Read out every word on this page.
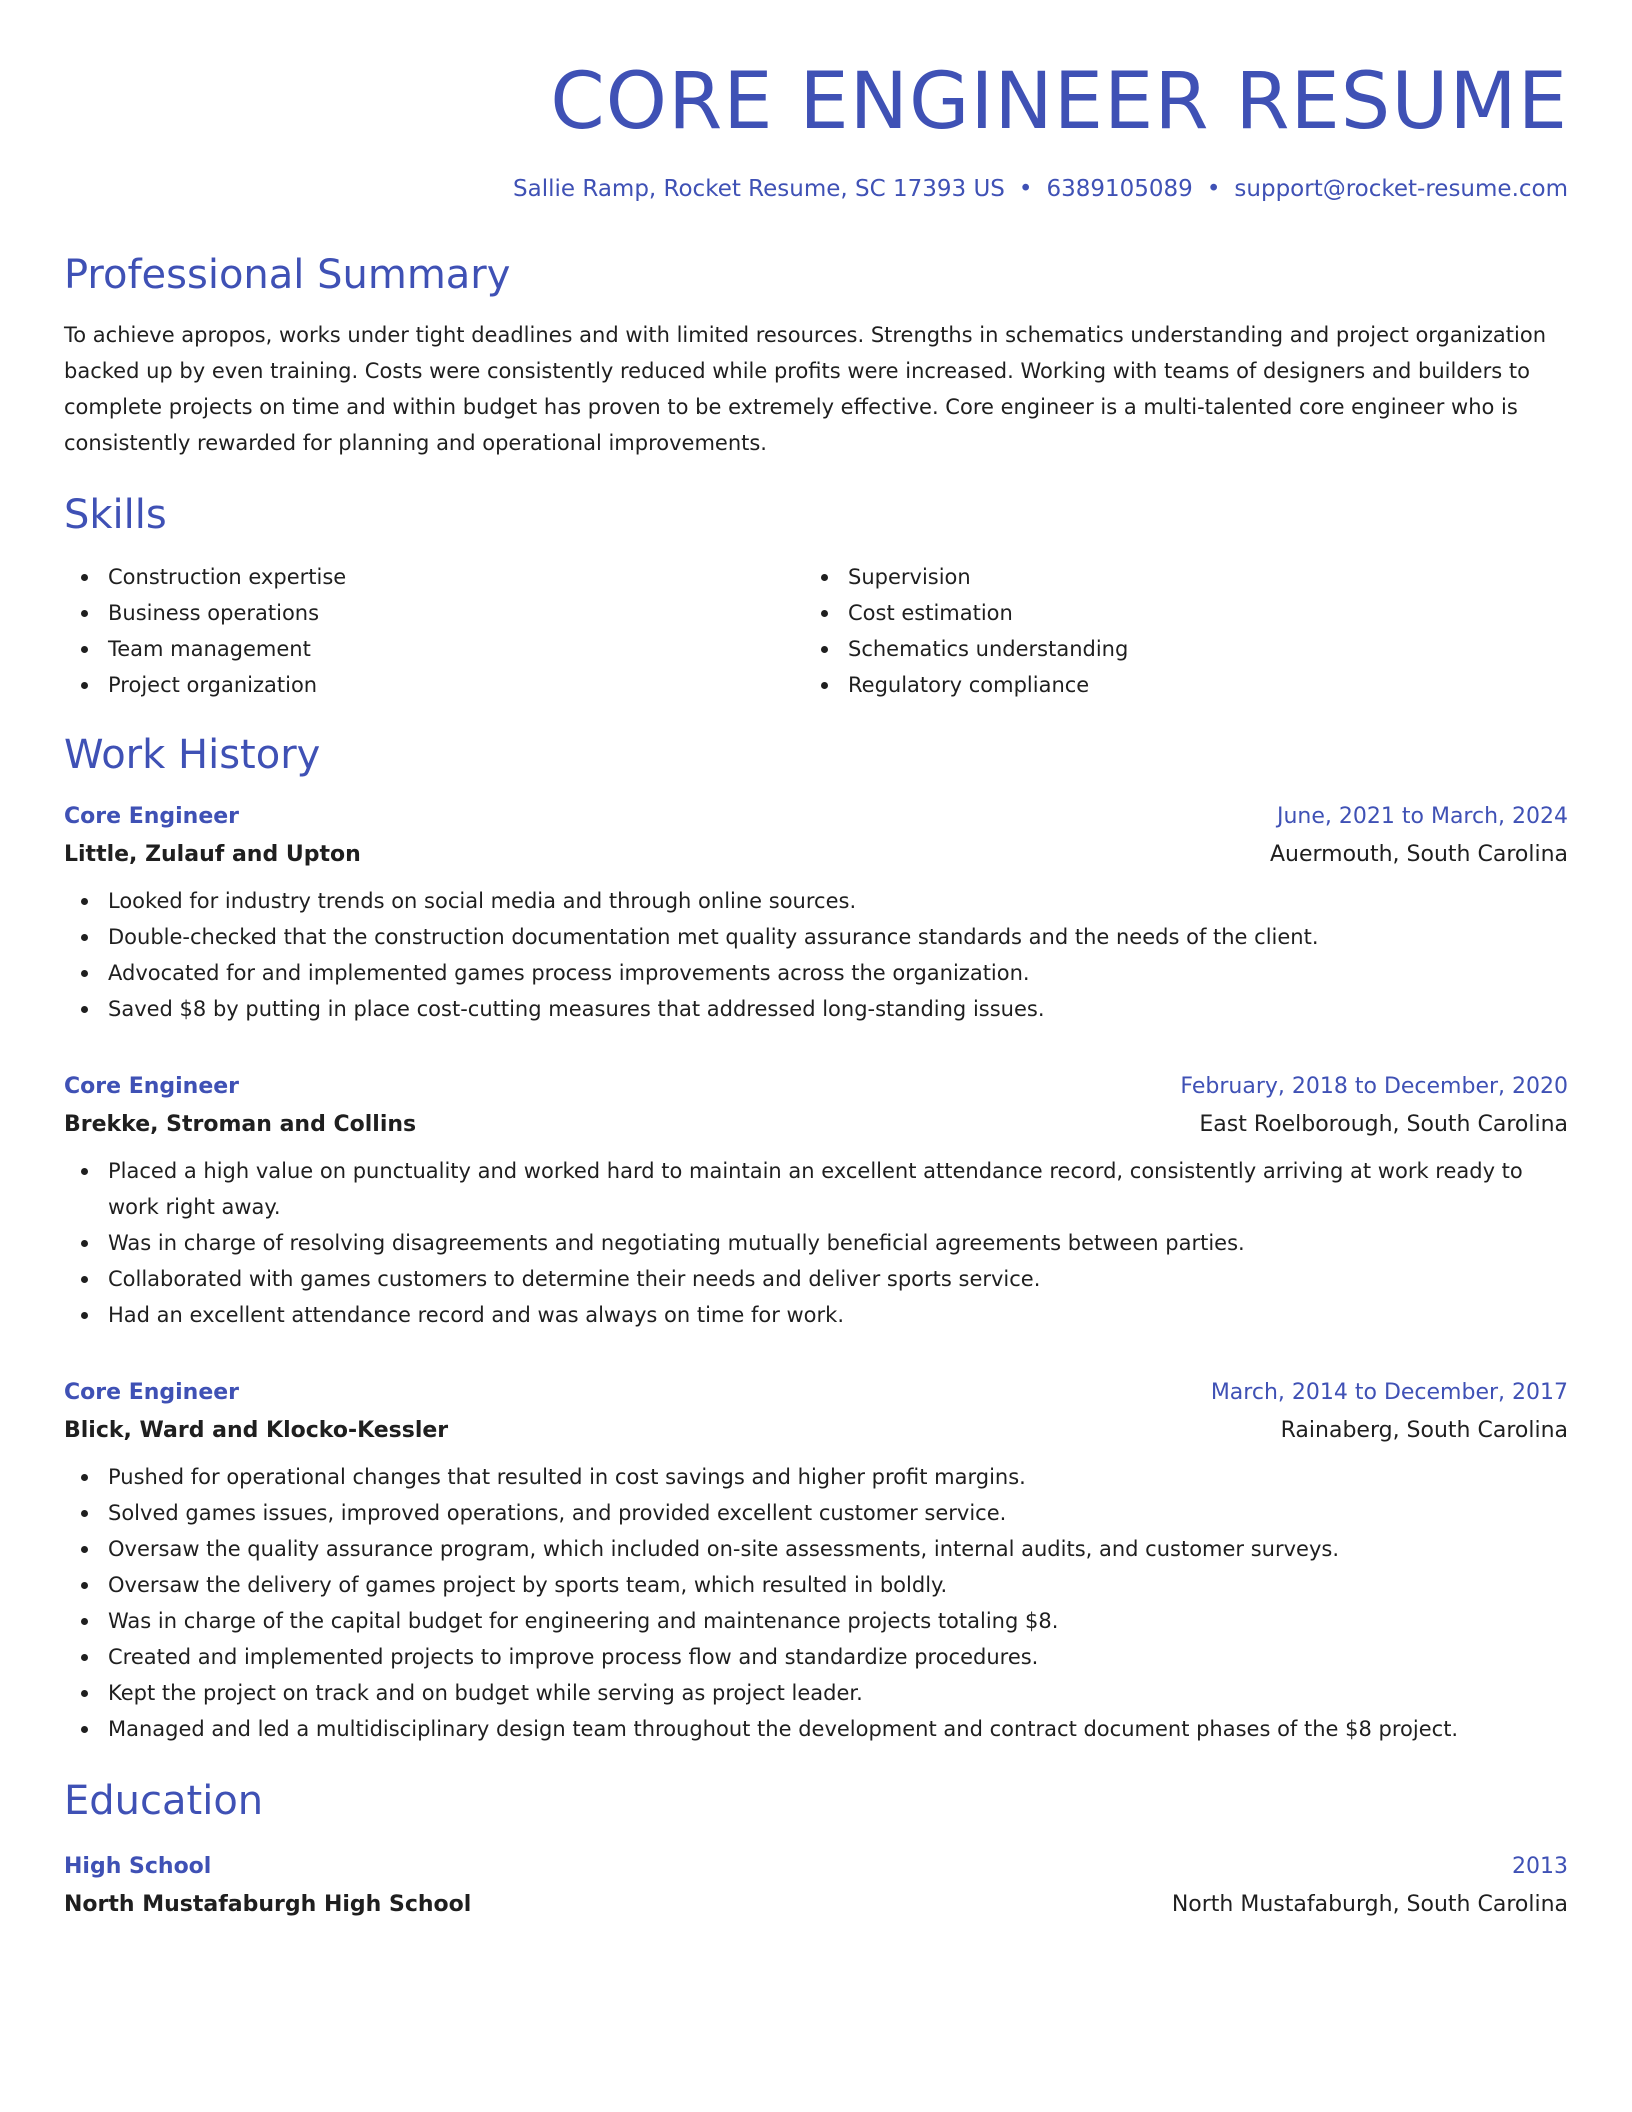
CORE ENGINEER RESUME
Sallie Ramp, Rocket Resume, SC 17393 US • 6389105089 • support@rocket-resume.com
Professional Summary

To achieve apropos, works under tight deadlines and with limited resources. Strengths in schematics understanding and project organization backed up by even training. Costs were consistently reduced while profits were increased. Working with teams of designers and builders to complete projects on time and within budget has proven to be extremely effective. Core engineer is a multi-talented core engineer who is consistently rewarded for planning and operational improvements.

Skills
Construction expertise
Business operations
Team management
Project organization
Supervision
Cost estimation
Schematics understanding
Regulatory compliance
Work History
Core Engineer	June, 2021 to March, 2024
Little, Zulauf and Upton	Auermouth, South Carolina
Looked for industry trends on social media and through online sources.
Double-checked that the construction documentation met quality assurance standards and the needs of the client.
Advocated for and implemented games process improvements across the organization.
Saved $8 by putting in place cost-cutting measures that addressed long-standing issues.
Core Engineer	February, 2018 to December, 2020
Brekke, Stroman and Collins	East Roelborough, South Carolina
Placed a high value on punctuality and worked hard to maintain an excellent attendance record, consistently arriving at work ready to work right away.
Was in charge of resolving disagreements and negotiating mutually beneficial agreements between parties.
Collaborated with games customers to determine their needs and deliver sports service.
Had an excellent attendance record and was always on time for work.
Core Engineer	March, 2014 to December, 2017
Blick, Ward and Klocko-Kessler	Rainaberg, South Carolina
Pushed for operational changes that resulted in cost savings and higher profit margins.
Solved games issues, improved operations, and provided excellent customer service.
Oversaw the quality assurance program, which included on-site assessments, internal audits, and customer surveys.
Oversaw the delivery of games project by sports team, which resulted in boldly.
Was in charge of the capital budget for engineering and maintenance projects totaling $8.
Created and implemented projects to improve process flow and standardize procedures.
Kept the project on track and on budget while serving as project leader.
Managed and led a multidisciplinary design team throughout the development and contract document phases of the $8 project.
Education
High School	2013
North Mustafaburgh High School	North Mustafaburgh, South Carolina
